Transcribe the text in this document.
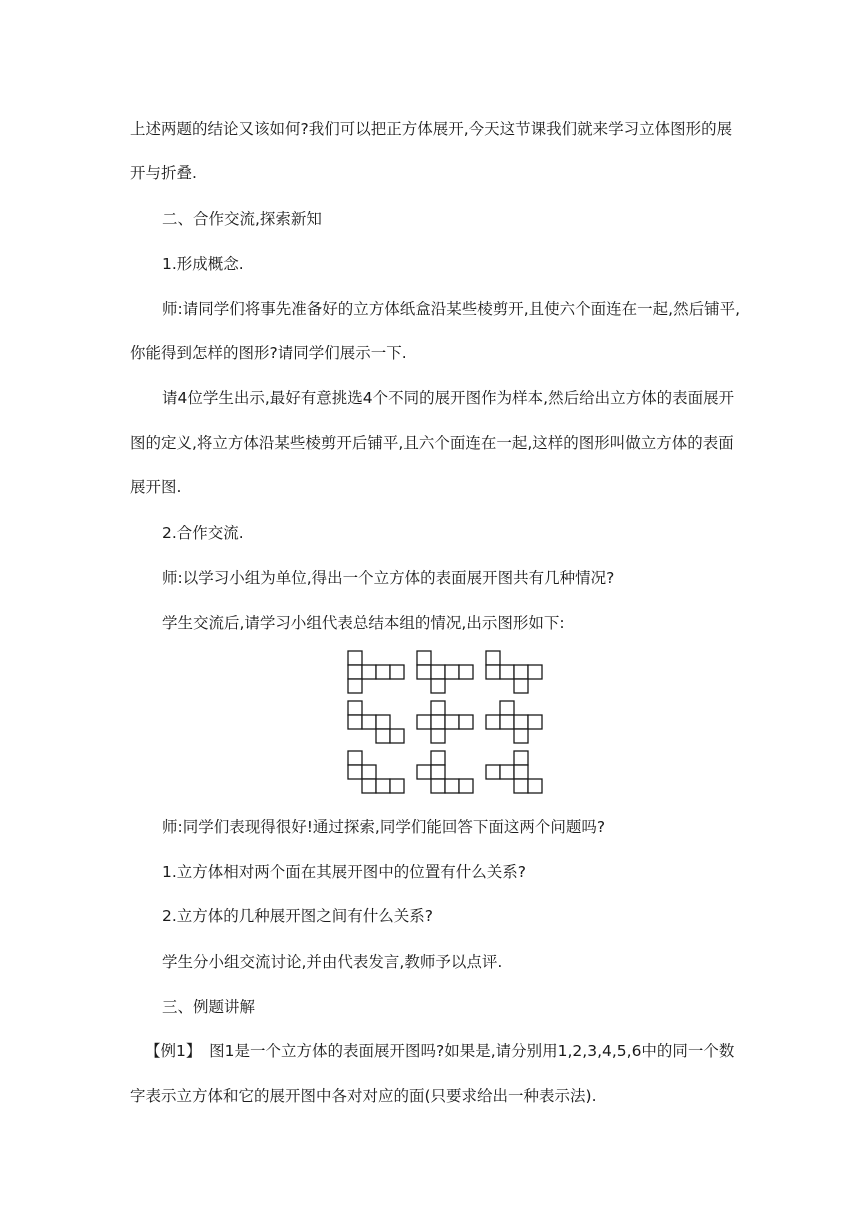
上述两题的结论又该如何?我们可以把正方体展开,今天这节课我们就来学习立体图形的展
开与折叠.
二、合作交流,探索新知
1.形成概念.
师:请同学们将事先准备好的立方体纸盒沿某些棱剪开,且使六个面连在一起,然后铺平,
你能得到怎样的图形?请同学们展示一下.
请4位学生出示,最好有意挑选4个不同的展开图作为样本,然后给出立方体的表面展开
图的定义,将立方体沿某些棱剪开后铺平,且六个面连在一起,这样的图形叫做立方体的表面
展开图.
2.合作交流.
师:以学习小组为单位,得出一个立方体的表面展开图共有几种情况?
学生交流后,请学习小组代表总结本组的情况,出示图形如下:
师:同学们表现得很好!通过探索,同学们能回答下面这两个问题吗?
1.立方体相对两个面在其展开图中的位置有什么关系?
2.立方体的几种展开图之间有什么关系?
学生分小组交流讨论,并由代表发言,教师予以点评.
三、例题讲解
【例1】　图1是一个立方体的表面展开图吗?如果是,请分别用1,2,3,4,5,6中的同一个数
字表示立方体和它的展开图中各对对应的面(只要求给出一种表示法).
